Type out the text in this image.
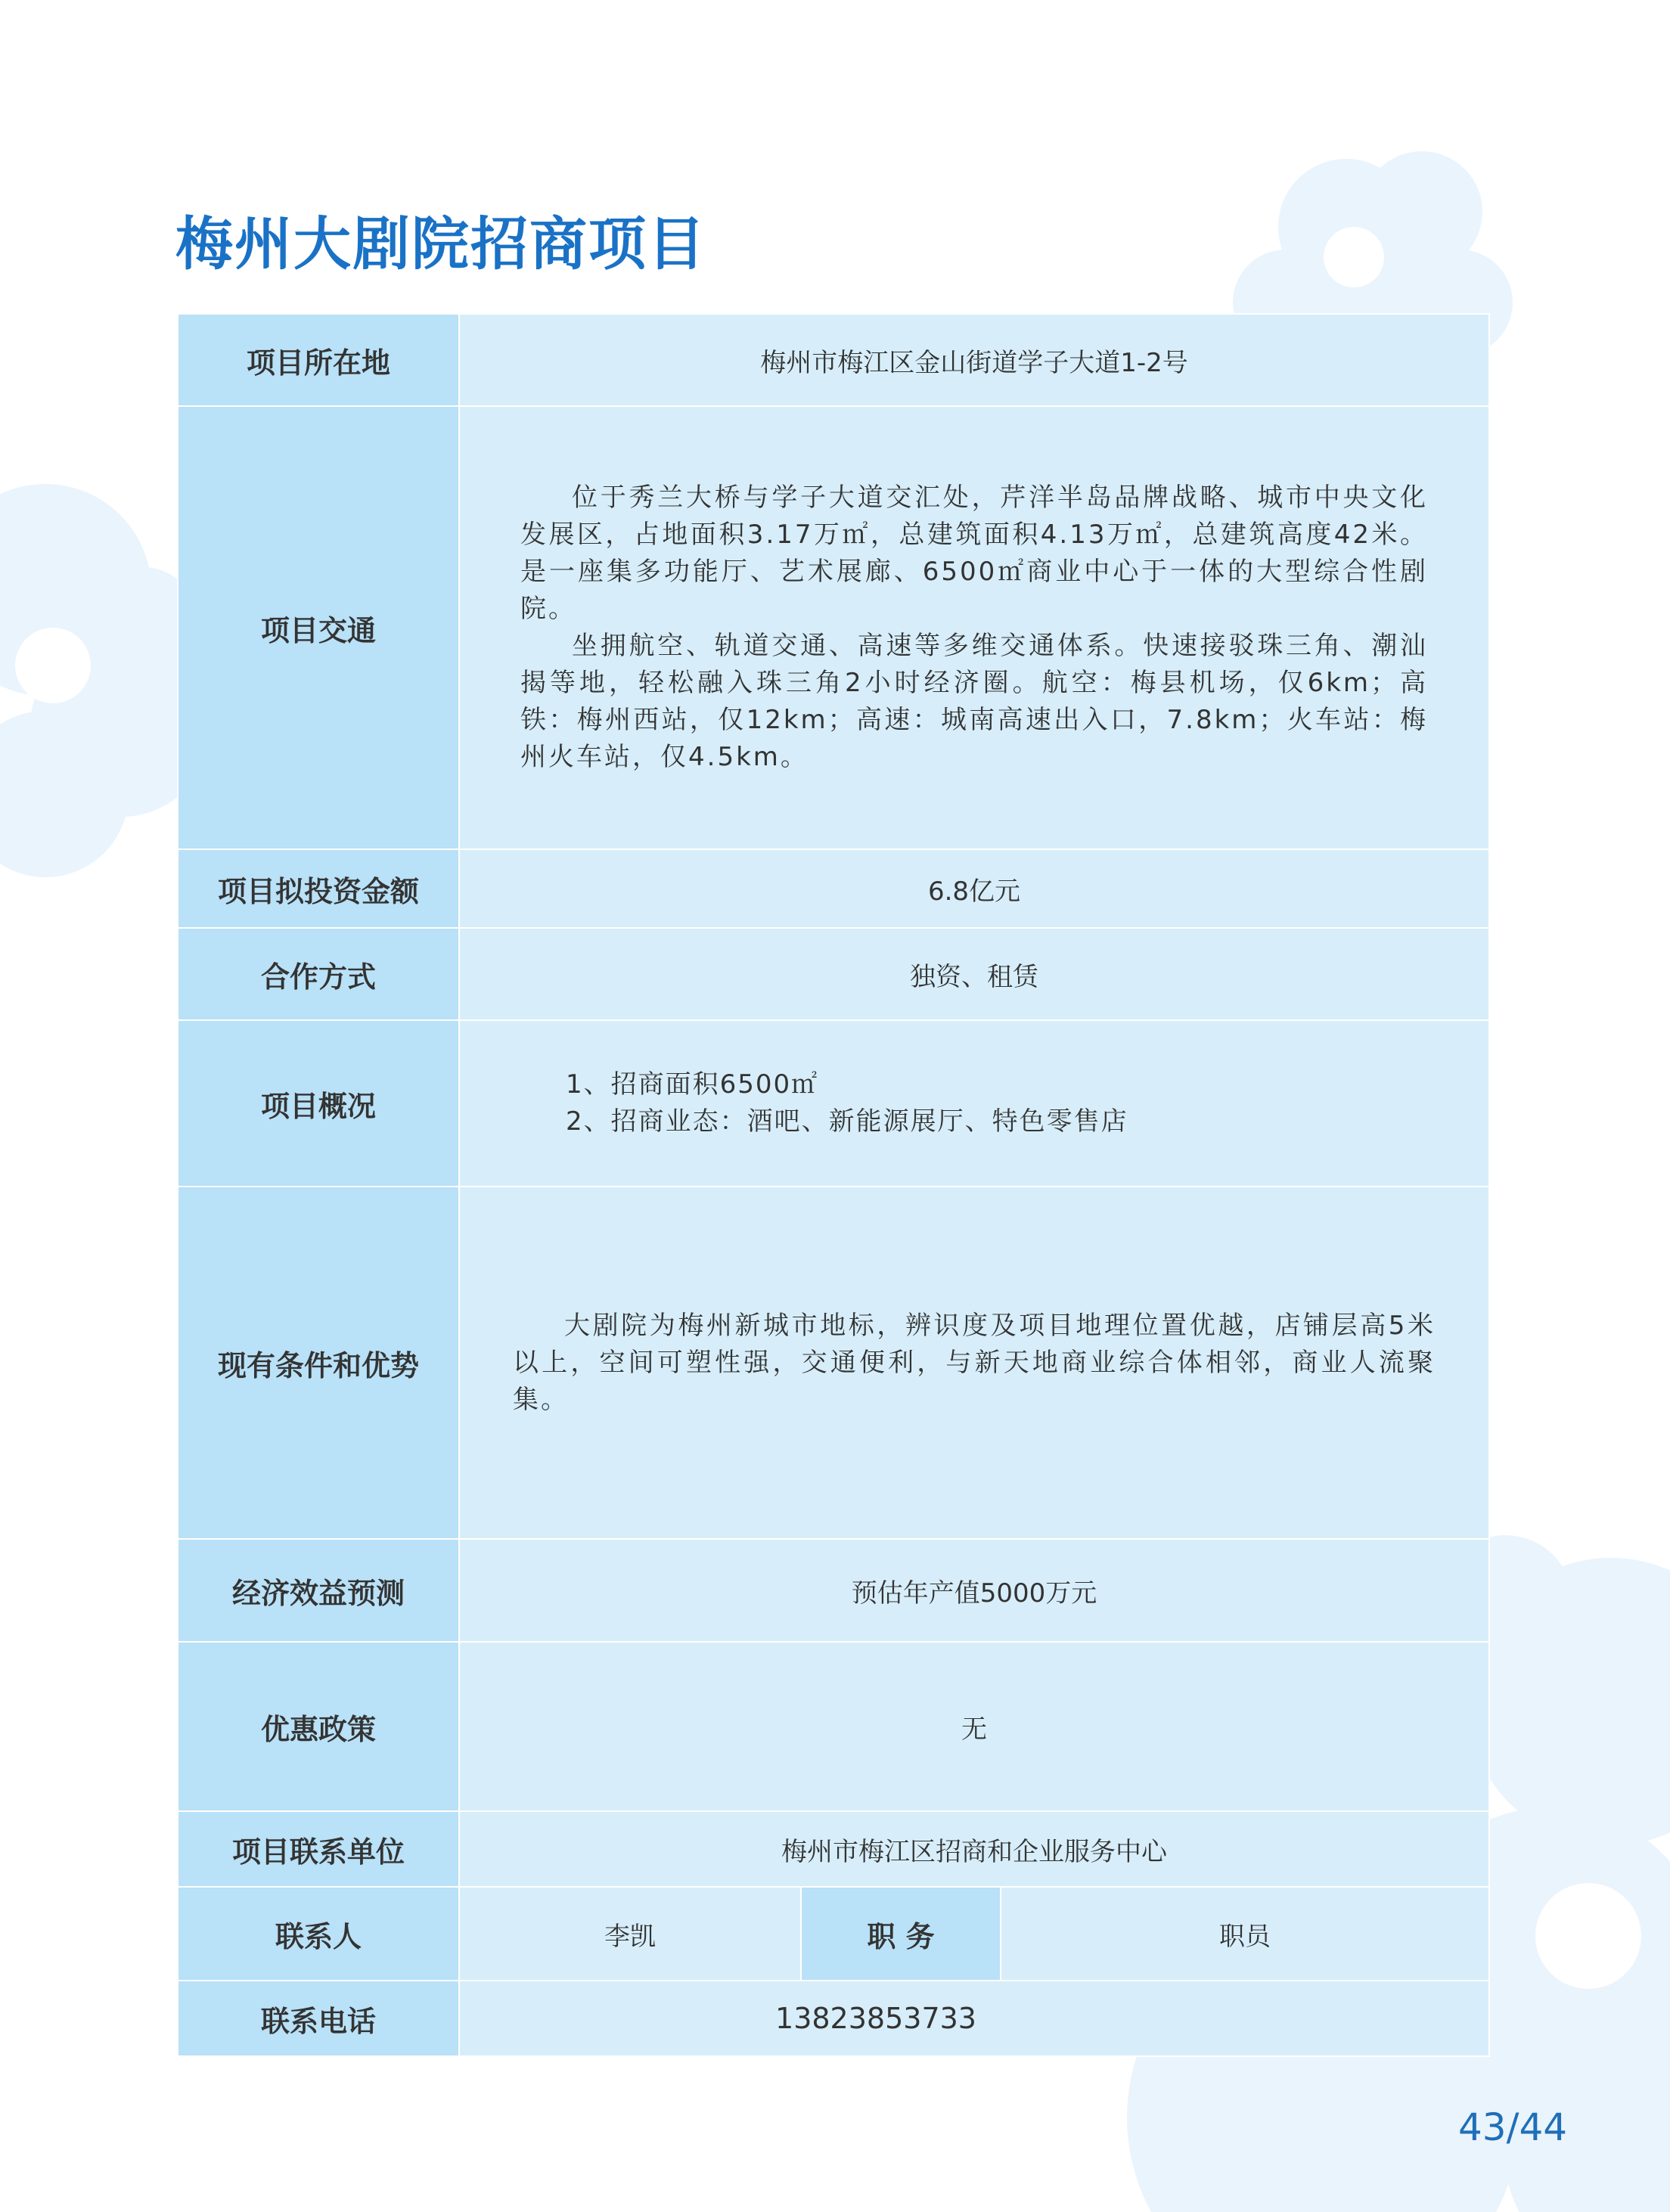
梅州大剧院招商项目
项目所在地	梅州市梅江区金山街道学子大道1-2号		
项目交通	位于秀兰大桥与学子大道交汇处，芹洋半岛品牌战略、城市中央文化发展区，占地面积3.17万㎡，总建筑面积4.13万㎡，总建筑高度42米。是一座集多功能厅、艺术展廊、6500㎡商业中心于一体的大型综合性剧院。

坐拥航空、轨道交通、高速等多维交通体系。快速接驳珠三角、潮汕揭等地，轻松融入珠三角2小时经济圈。航空：梅县机场，仅6km；高铁：梅州西站，仅12km；高速：城南高速出入口，7.8km；火车站：梅州火车站，仅4.5km。		

项目拟投资金额	6.8亿元		
合作方式	独资、租赁		
项目概况	1、招商面积6500㎡
2、招商业态：酒吧、新能源展厅、特色零售店		

现有条件和优势	大剧院为梅州新城市地标，辨识度及项目地理位置优越，店铺层高5米以上，空间可塑性强，交通便利，与新天地商业综合体相邻，商业人流聚集。		

经济效益预测	预估年产值5000万元		
优惠政策	无		
项目联系单位	梅州市梅江区招商和企业服务中心		
联系人	李凯	职 务	职员
联系电话	13823853733		
43/44
